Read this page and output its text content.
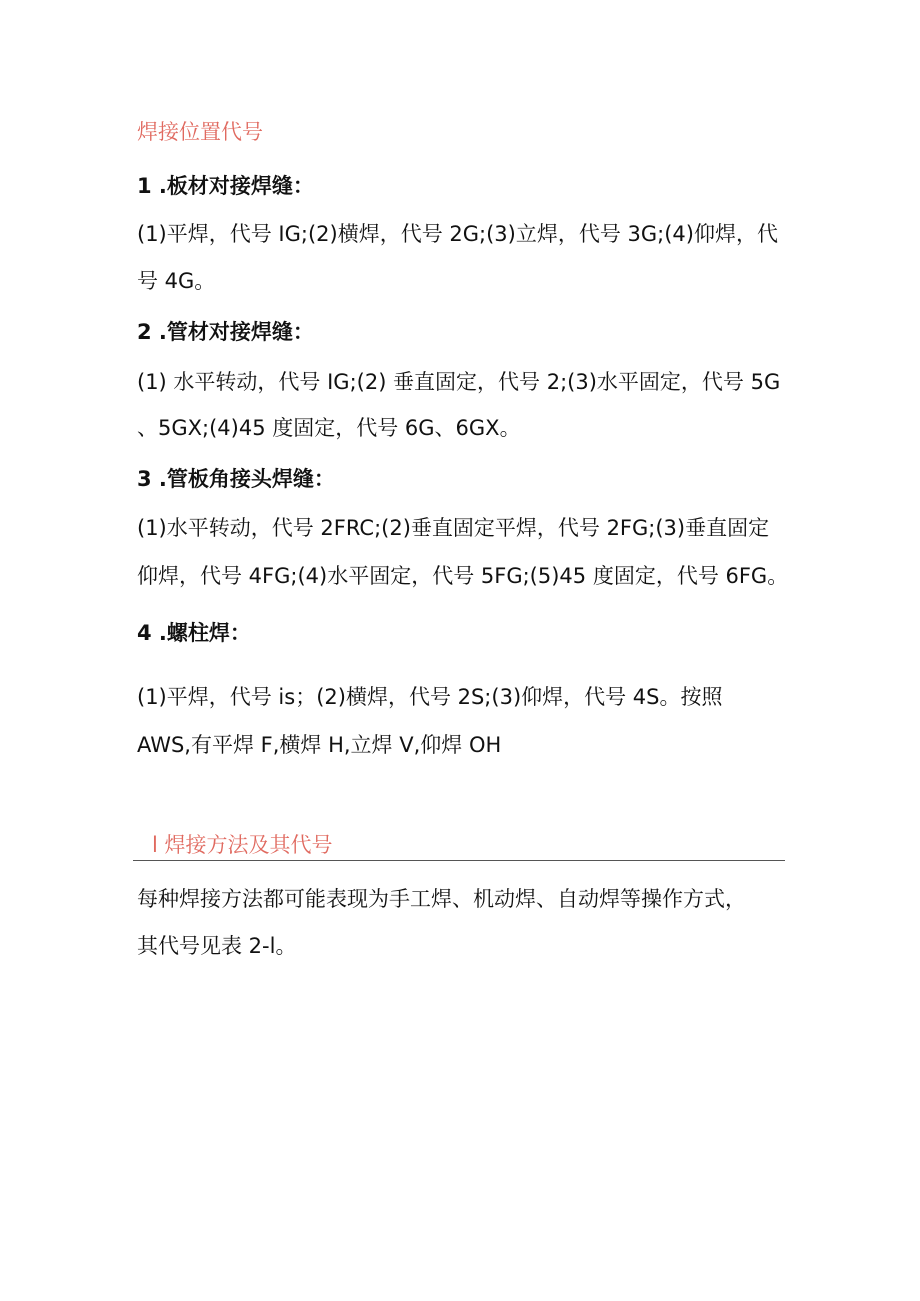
焊接位置代号
1 .板材对接焊缝：
(1)平焊，代号 IG;(2)横焊，代号 2G;(3)立焊，代号 3G;(4)仰焊，代
号 4G。
2 .管材对接焊缝：
(1) 水平转动，代号 IG;(2) 垂直固定，代号 2;(3)水平固定，代号 5G
、5GX;(4)45 度固定，代号 6G、6GX。
3 .管板角接头焊缝：
(1)水平转动，代号 2FRC;(2)垂直固定平焊，代号 2FG;(3)垂直固定
仰焊，代号 4FG;(4)水平固定，代号 5FG;(5)45 度固定，代号 6FG。
4 .螺柱焊：
(1)平焊，代号 is；(2)横焊，代号 2S;(3)仰焊，代号 4S。按照
AWS,有平焊 F,横焊 H,立焊 V,仰焊 OH
l 焊接方法及其代号
每种焊接方法都可能表现为手工焊、机动焊、自动焊等操作方式，
其代号见表 2-l。
